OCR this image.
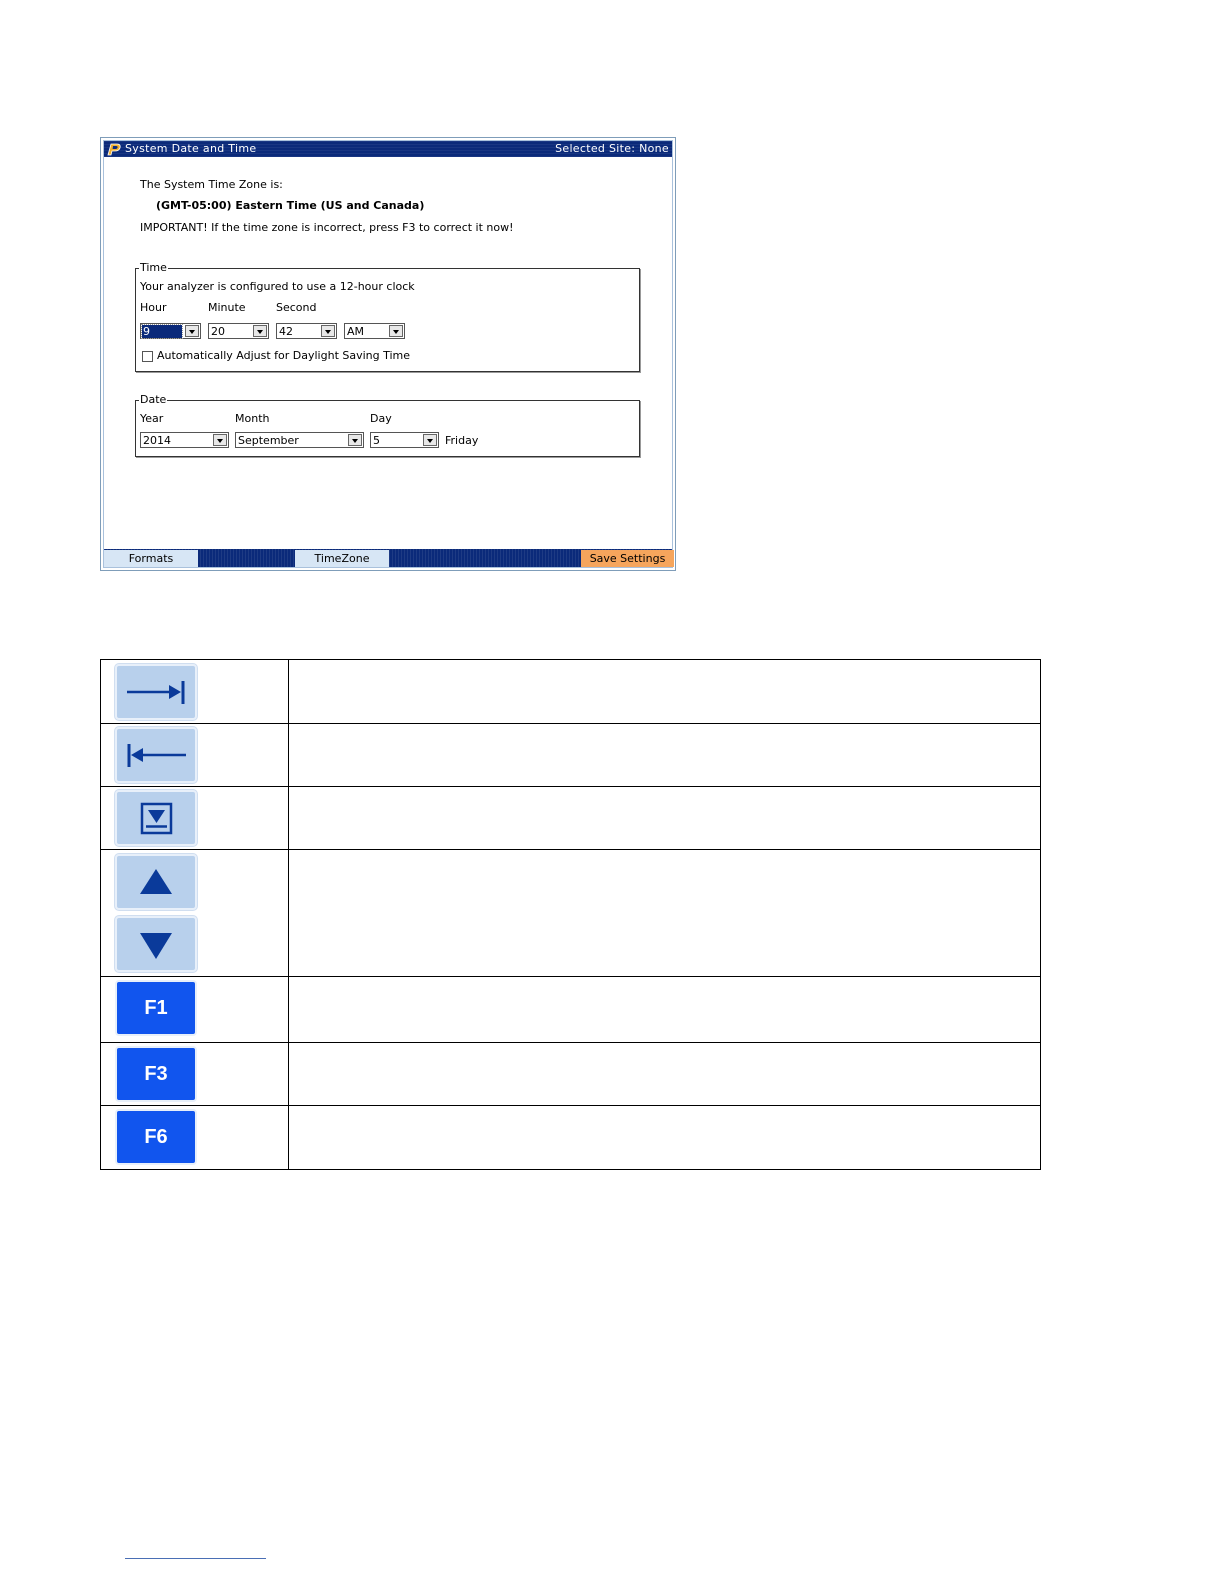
System Date and Time	Selected Site: None
The System Time Zone is:
(GMT-05:00) Eastern Time (US and Canada)
IMPORTANT! If the time zone is incorrect, press F3 to correct it now!
Time
Your analyzer is configured to use a 12-hour clock
Hour	Minute	Second
9	20	42	AM
Automatically Adjust for Daylight Saving Time
Date
Year	Month	Day
2014	September	5	Friday
Formats	TimeZone	Save Settings
F1
F3
F6
